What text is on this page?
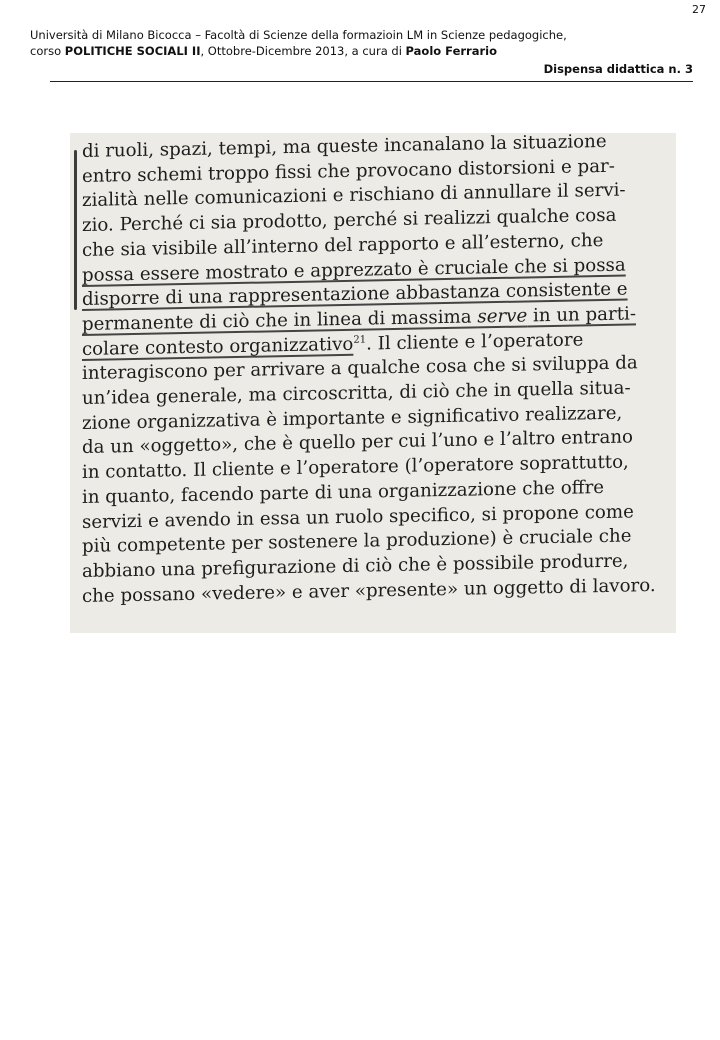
27
Università di Milano Bicocca – Facoltà di Scienze della formazioin LM in Scienze pedagogiche,
corso POLITICHE SOCIALI II, Ottobre-Dicembre 2013, a cura di Paolo Ferrario
Dispensa didattica n. 3
di ruoli, spazi, tempi, ma queste incanalano la situazione
entro schemi troppo fissi che provocano distorsioni e par-
zialità nelle comunicazioni e rischiano di annullare il servi-
zio. Perché ci sia prodotto, perché si realizzi qualche cosa
che sia visibile all’interno del rapporto e all’esterno, che
possa essere mostrato e apprezzato è cruciale che si possa
disporre di una rappresentazione abbastanza consistente e
permanente di ciò che in linea di massima serve in un parti-
colare contesto organizzativo$^{21}$. Il cliente e l’operatore
interagiscono per arrivare a qualche cosa che si sviluppa da
un’idea generale, ma circoscritta, di ciò che in quella situa-
zione organizzativa è importante e significativo realizzare,
da un «oggetto», che è quello per cui l’uno e l’altro entrano
in contatto. Il cliente e l’operatore (l’operatore soprattutto,
in quanto, facendo parte di una organizzazione che offre
servizi e avendo in essa un ruolo specifico, si propone come
più competente per sostenere la produzione) è cruciale che
abbiano una prefigurazione di ciò che è possibile produrre,
che possano «vedere» e aver «presente» un oggetto di lavoro.
